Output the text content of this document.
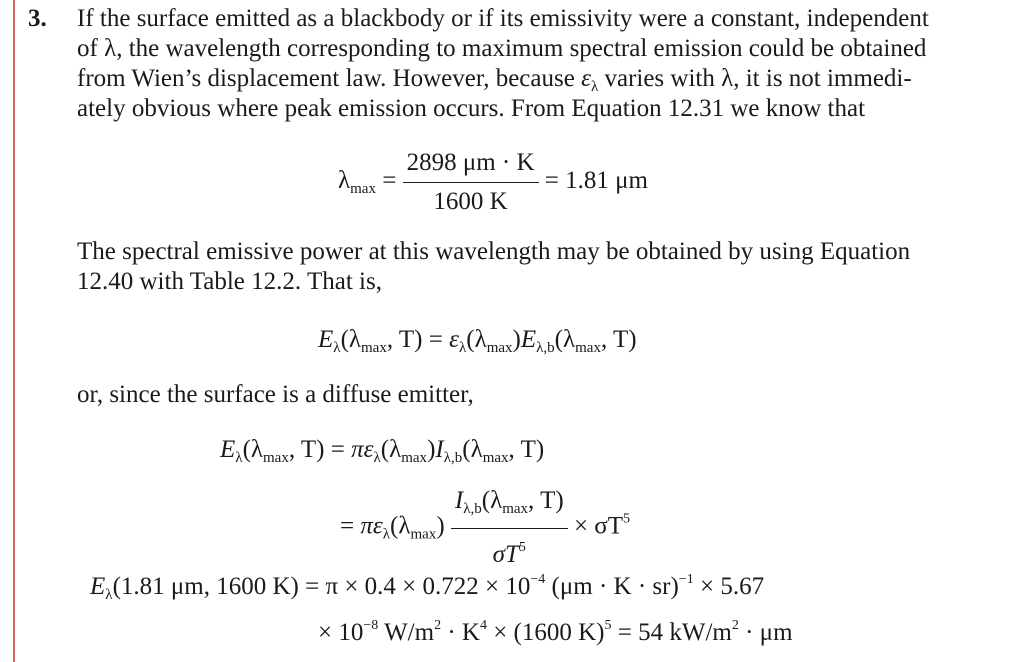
3. If the surface emitted as a blackbody or if its emissivity were a constant, independent
of λ, the wavelength corresponding to maximum spectral emission could be obtained
from Wien’s displacement law. However, because $\varepsilon_\lambda$ varies with λ, it is not immedi-
ately obvious where peak emission occurs. From Equation 12.31 we know that
$\lambda_{max} = \frac{2898 \mu m \cdot K}{1600 K} = 1.81$ μm
The spectral emissive power at this wavelength may be obtained by using Equation
12.40 with Table 12.2. That is,
$E_\lambda(\lambda_{max}$, $T) = \varepsilon_\lambda(\lambda_{max})E_{\lambda,b}(\lambda_{max}$, T)
or, since the surface is a diffuse emitter,
$E_\lambda(\lambda_{max}$, $T) = \pi\varepsilon_\lambda(\lambda_{max})I_{\lambda,b}(\lambda_{max}$, T)
= $\pi\varepsilon_\lambda(\lambda_{max}) \frac{I_{\lambda,b}(\lambda_{max}, T)}{\sigma T^5} \times \sigma T^5$
$E_\lambda(1.81$ μm, 1600 $K) = \pi \times 0.4 \times 0.722 \times 10^{-4}$ (μm · K · sr)$^{-1}$ × 5.67
× $10^{-8}$ $W/m^2 \cdot K^4 \times (1600$ K)$^5$ = 54 $kW/m^2 \cdot \mu m$
